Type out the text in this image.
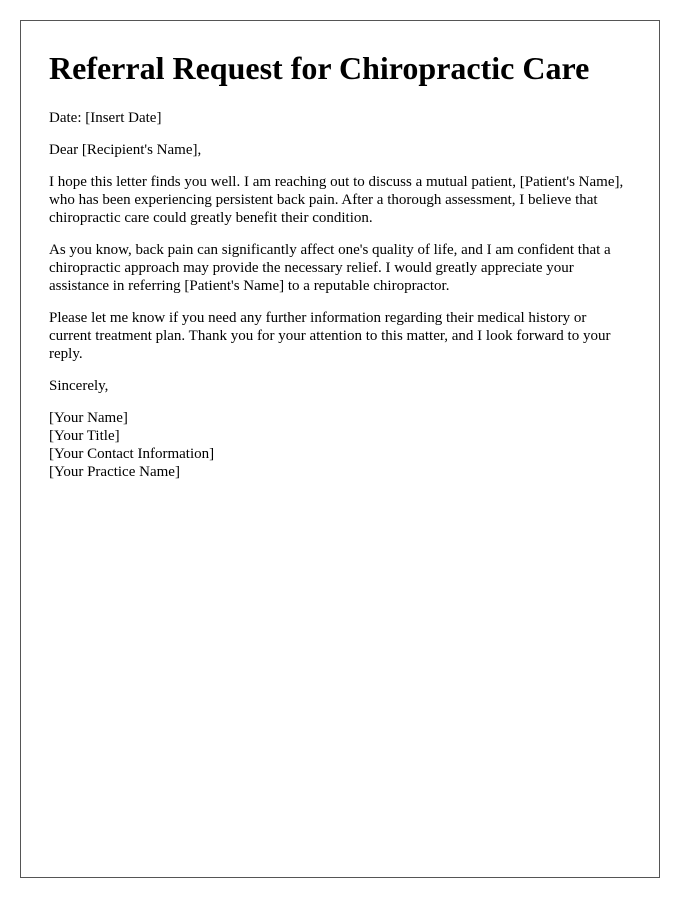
Referral Request for Chiropractic Care

Date: [Insert Date]

Dear [Recipient's Name],

I hope this letter finds you well. I am reaching out to discuss a mutual patient, [Patient's Name], who has been experiencing persistent back pain. After a thorough assessment, I believe that chiropractic care could greatly benefit their condition.

As you know, back pain can significantly affect one's quality of life, and I am confident that a chiropractic approach may provide the necessary relief. I would greatly appreciate your assistance in referring [Patient's Name] to a reputable chiropractor.

Please let me know if you need any further information regarding their medical history or current treatment plan. Thank you for your attention to this matter, and I look forward to your reply.

Sincerely,

[Your Name]
[Your Title]
[Your Contact Information]
[Your Practice Name]
